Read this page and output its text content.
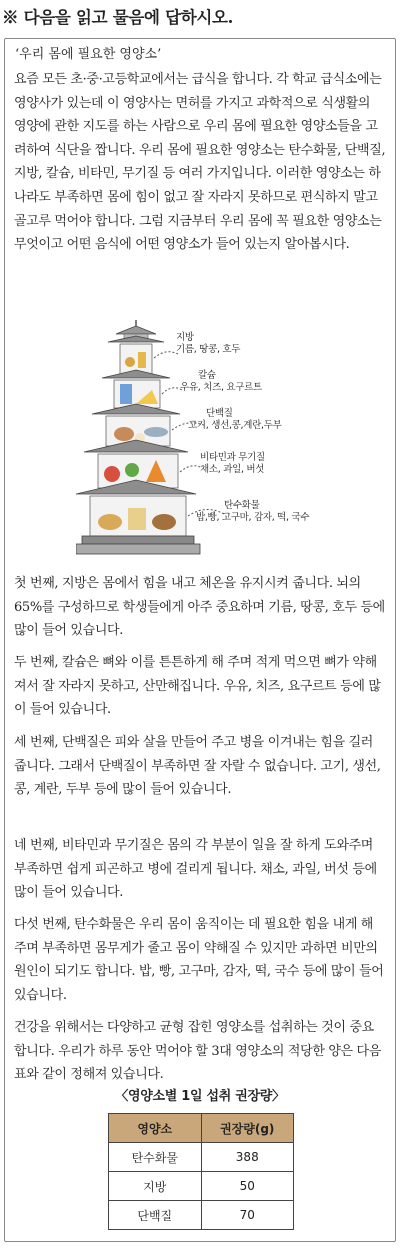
※ 다음을 읽고 물음에 답하시오.
‘우리 몸에 필요한 영양소’
요즘 모든 초·중·고등학교에서는 급식을 합니다. 각 학교 급식소에는 영양사가 있는데 이 영양사는 면허를 가지고 과학적으로 식생활의 영양에 관한 지도를 하는 사람으로 우리 몸에 필요한 영양소들을 고려하여 식단을 짭니다. 우리 몸에 필요한 영양소는 탄수화물, 단백질, 지방, 칼슘, 비타민, 무기질 등 여러 가지입니다. 이러한 영양소는 하나라도 부족하면 몸에 힘이 없고 잘 자라지 못하므로 편식하지 말고 골고루 먹어야 합니다. 그럼 지금부터 우리 몸에 꼭 필요한 영양소는 무엇이고 어떤 음식에 어떤 영양소가 들어 있는지 알아봅시다.
지방
기름, 땅콩, 호두
칼슘
우유, 치즈, 요구르트
단백질
고기, 생선,콩,계란,두부
비타민과 무기질
채소, 과일, 버섯
탄수화물
밥,빵, 고구마, 감자, 떡, 국수
첫 번째, 지방은 몸에서 힘을 내고 체온을 유지시켜 줍니다. 뇌의 65%를 구성하므로 학생들에게 아주 중요하며 기름, 땅콩, 호두 등에 많이 들어 있습니다.
두 번째, 칼슘은 뼈와 이를 튼튼하게 해 주며 적게 먹으면 뼈가 약해져서 잘 자라지 못하고, 산만해집니다. 우유, 치즈, 요구르트 등에 많이 들어 있습니다.
세 번째, 단백질은 피와 살을 만들어 주고 병을 이겨내는 힘을 길러 줍니다. 그래서 단백질이 부족하면 잘 자랄 수 없습니다. 고기, 생선, 콩, 계란, 두부 등에 많이 들어 있습니다.
네 번째, 비타민과 무기질은 몸의 각 부분이 일을 잘 하게 도와주며 부족하면 쉽게 피곤하고 병에 걸리게 됩니다. 채소, 과일, 버섯 등에 많이 들어 있습니다.
다섯 번째, 탄수화물은 우리 몸이 움직이는 데 필요한 힘을 내게 해 주며 부족하면 몸무게가 줄고 몸이 약해질 수 있지만 과하면 비만의 원인이 되기도 합니다. 밥, 빵, 고구마, 감자, 떡, 국수 등에 많이 들어 있습니다.
건강을 위해서는 다양하고 균형 잡힌 영양소를 섭취하는 것이 중요합니다. 우리가 하루 동안 먹어야 할 3대 영양소의 적당한 양은 다음 표와 같이 정해져 있습니다.
〈영양소별 1일 섭취 권장량〉
영양소	권장량(g)
탄수화물	388
지방	50
단백질	70
